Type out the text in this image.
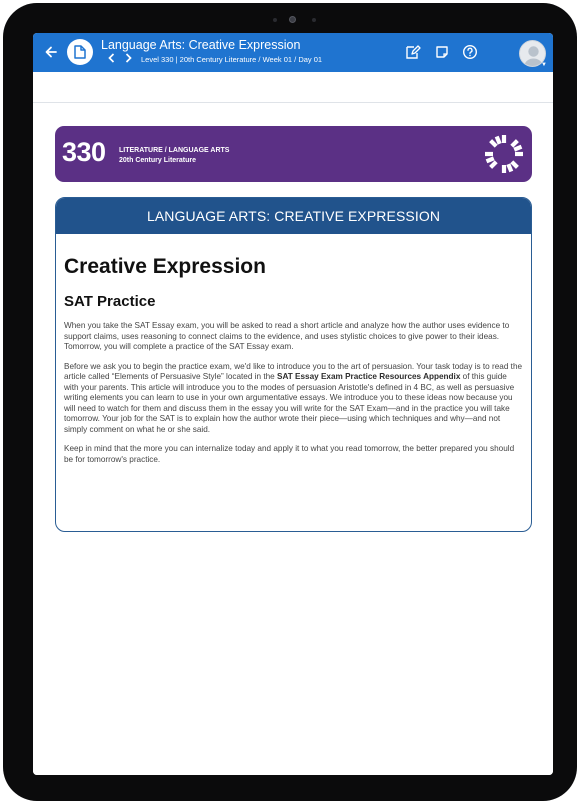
Language Arts: Creative Expression
Level 330 | 20th Century Literature / Week 01 / Day 01
▼
330 LITERATURE / LANGUAGE ARTS
20th Century Literature
LANGUAGE ARTS: CREATIVE EXPRESSION
Creative Expression
SAT Practice

When you take the SAT Essay exam, you will be asked to read a short article and analyze how the author uses evidence to support claims, uses reasoning to connect claims to the evidence, and uses stylistic choices to give power to their ideas. Tomorrow, you will complete a practice of the SAT Essay exam.

Before we ask you to begin the practice exam, we'd like to introduce you to the art of persuasion. Your task today is to read the article called “Elements of Persuasive Style” located in the SAT Essay Exam Practice Resources Appendix of this guide with your parents. This article will introduce you to the modes of persuasion Aristotle's defined in 4 BC, as well as persuasive writing elements you can learn to use in your own argumentative essays. We introduce you to these ideas now because you will need to watch for them and discuss them in the essay you will write for the SAT Exam—and in the practice you will take tomorrow. Your job for the SAT is to explain how the author wrote their piece—using which techniques and why—and not simply comment on what he or she said.

Keep in mind that the more you can internalize today and apply it to what you read tomorrow, the better prepared you should be for tomorrow's practice.
